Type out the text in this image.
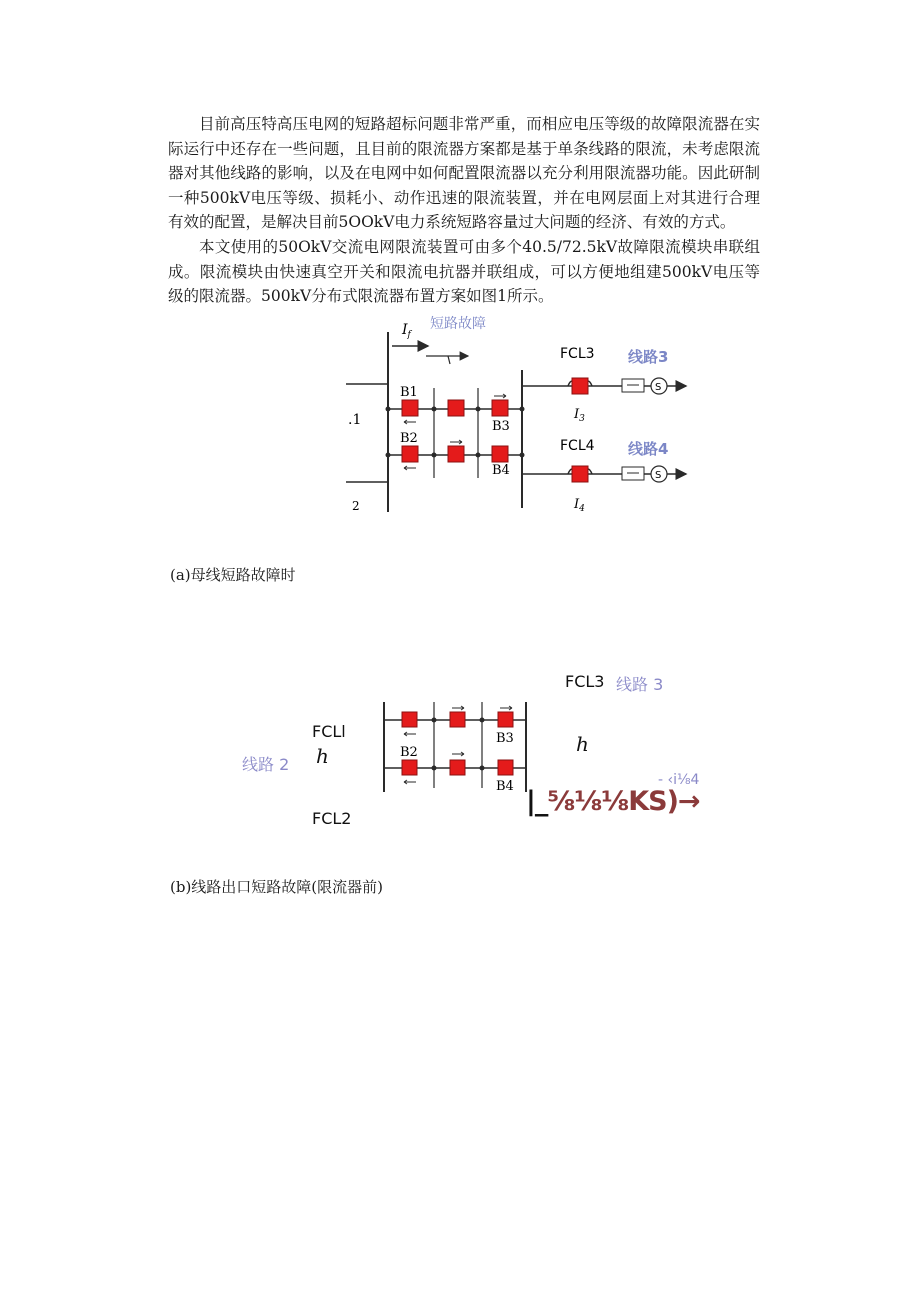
目前高压特高压电网的短路超标问题非常严重，而相应电压等级的故障限流器在实际运行中还存在一些问题，且目前的限流器方案都是基于单条线路的限流，未考虑限流器对其他线路的影响，以及在电网中如何配置限流器以充分利用限流器功能。因此研制一种500kV电压等级、损耗小、动作迅速的限流装置，并在电网层面上对其进行合理有效的配置，是解决目前5OOkV电力系统短路容量过大问题的经济、有效的方式。

本文使用的50OkV交流电网限流装置可由多个40.5/72.5kV故障限流模块串联组成。限流模块由快速真空开关和限流电抗器并联组成，可以方便地组建500kV电压等级的限流器。500kV分布式限流器布置方案如图1所示。

$I_f$
短路故障
.1
2
B1
B2
B3
B4
FCL3 线路3
S
$I_3$
FCL4 线路4
S
$I_4$
(a)母线短路故障时
FCL3 线路 3
FCLl
线路 2 h	h
FCL2
- ‹i⅛4
|_⅝⅛⅛KS)→
B2
B3
B4
(b)线路出口短路故障(限流器前)
